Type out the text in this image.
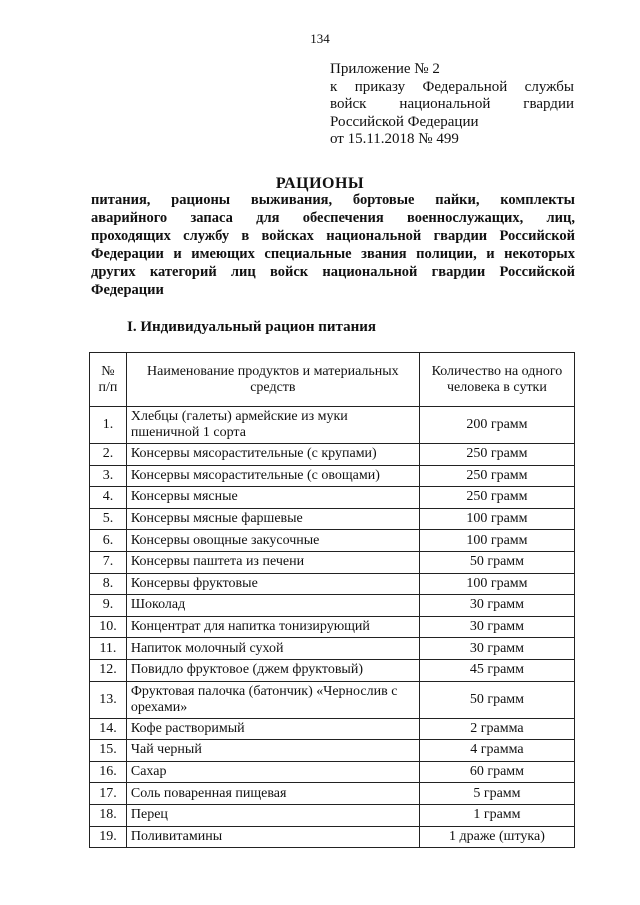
134
Приложение № 2
к приказу Федеральной службы
войск национальной гвардии
Российской Федерации
от 15.11.2018 № 499
РАЦИОНЫ
питания, рационы выживания, бортовые пайки, комплекты
аварийного запаса для обеспечения военнослужащих, лиц,
проходящих службу в войсках национальной гвардии Российской
Федерации и имеющих специальные звания полиции, и некоторых
других категорий лиц войск национальной гвардии Российской
Федерации
I. Индивидуальный рацион питания
№ п/п	Наименование продуктов и материальных средств	Количество на одного человека в сутки
1.	Хлебцы (галеты) армейские из муки пшеничной 1 сорта	200 грамм
2.	Консервы мясорастительные (с крупами)	250 грамм
3.	Консервы мясорастительные (с овощами)	250 грамм
4.	Консервы мясные	250 грамм
5.	Консервы мясные фаршевые	100 грамм
6.	Консервы овощные закусочные	100 грамм
7.	Консервы паштета из печени	50 грамм
8.	Консервы фруктовые	100 грамм
9.	Шоколад	30 грамм
10.	Концентрат для напитка тонизирующий	30 грамм
11.	Напиток молочный сухой	30 грамм
12.	Повидло фруктовое (джем фруктовый)	45 грамм
13.	Фруктовая палочка (батончик) «Чернослив с орехами»	50 грамм
14.	Кофе растворимый	2 грамма
15.	Чай черный	4 грамма
16.	Сахар	60 грамм
17.	Соль поваренная пищевая	5 грамм
18.	Перец	1 грамм
19.	Поливитамины	1 драже (штука)
